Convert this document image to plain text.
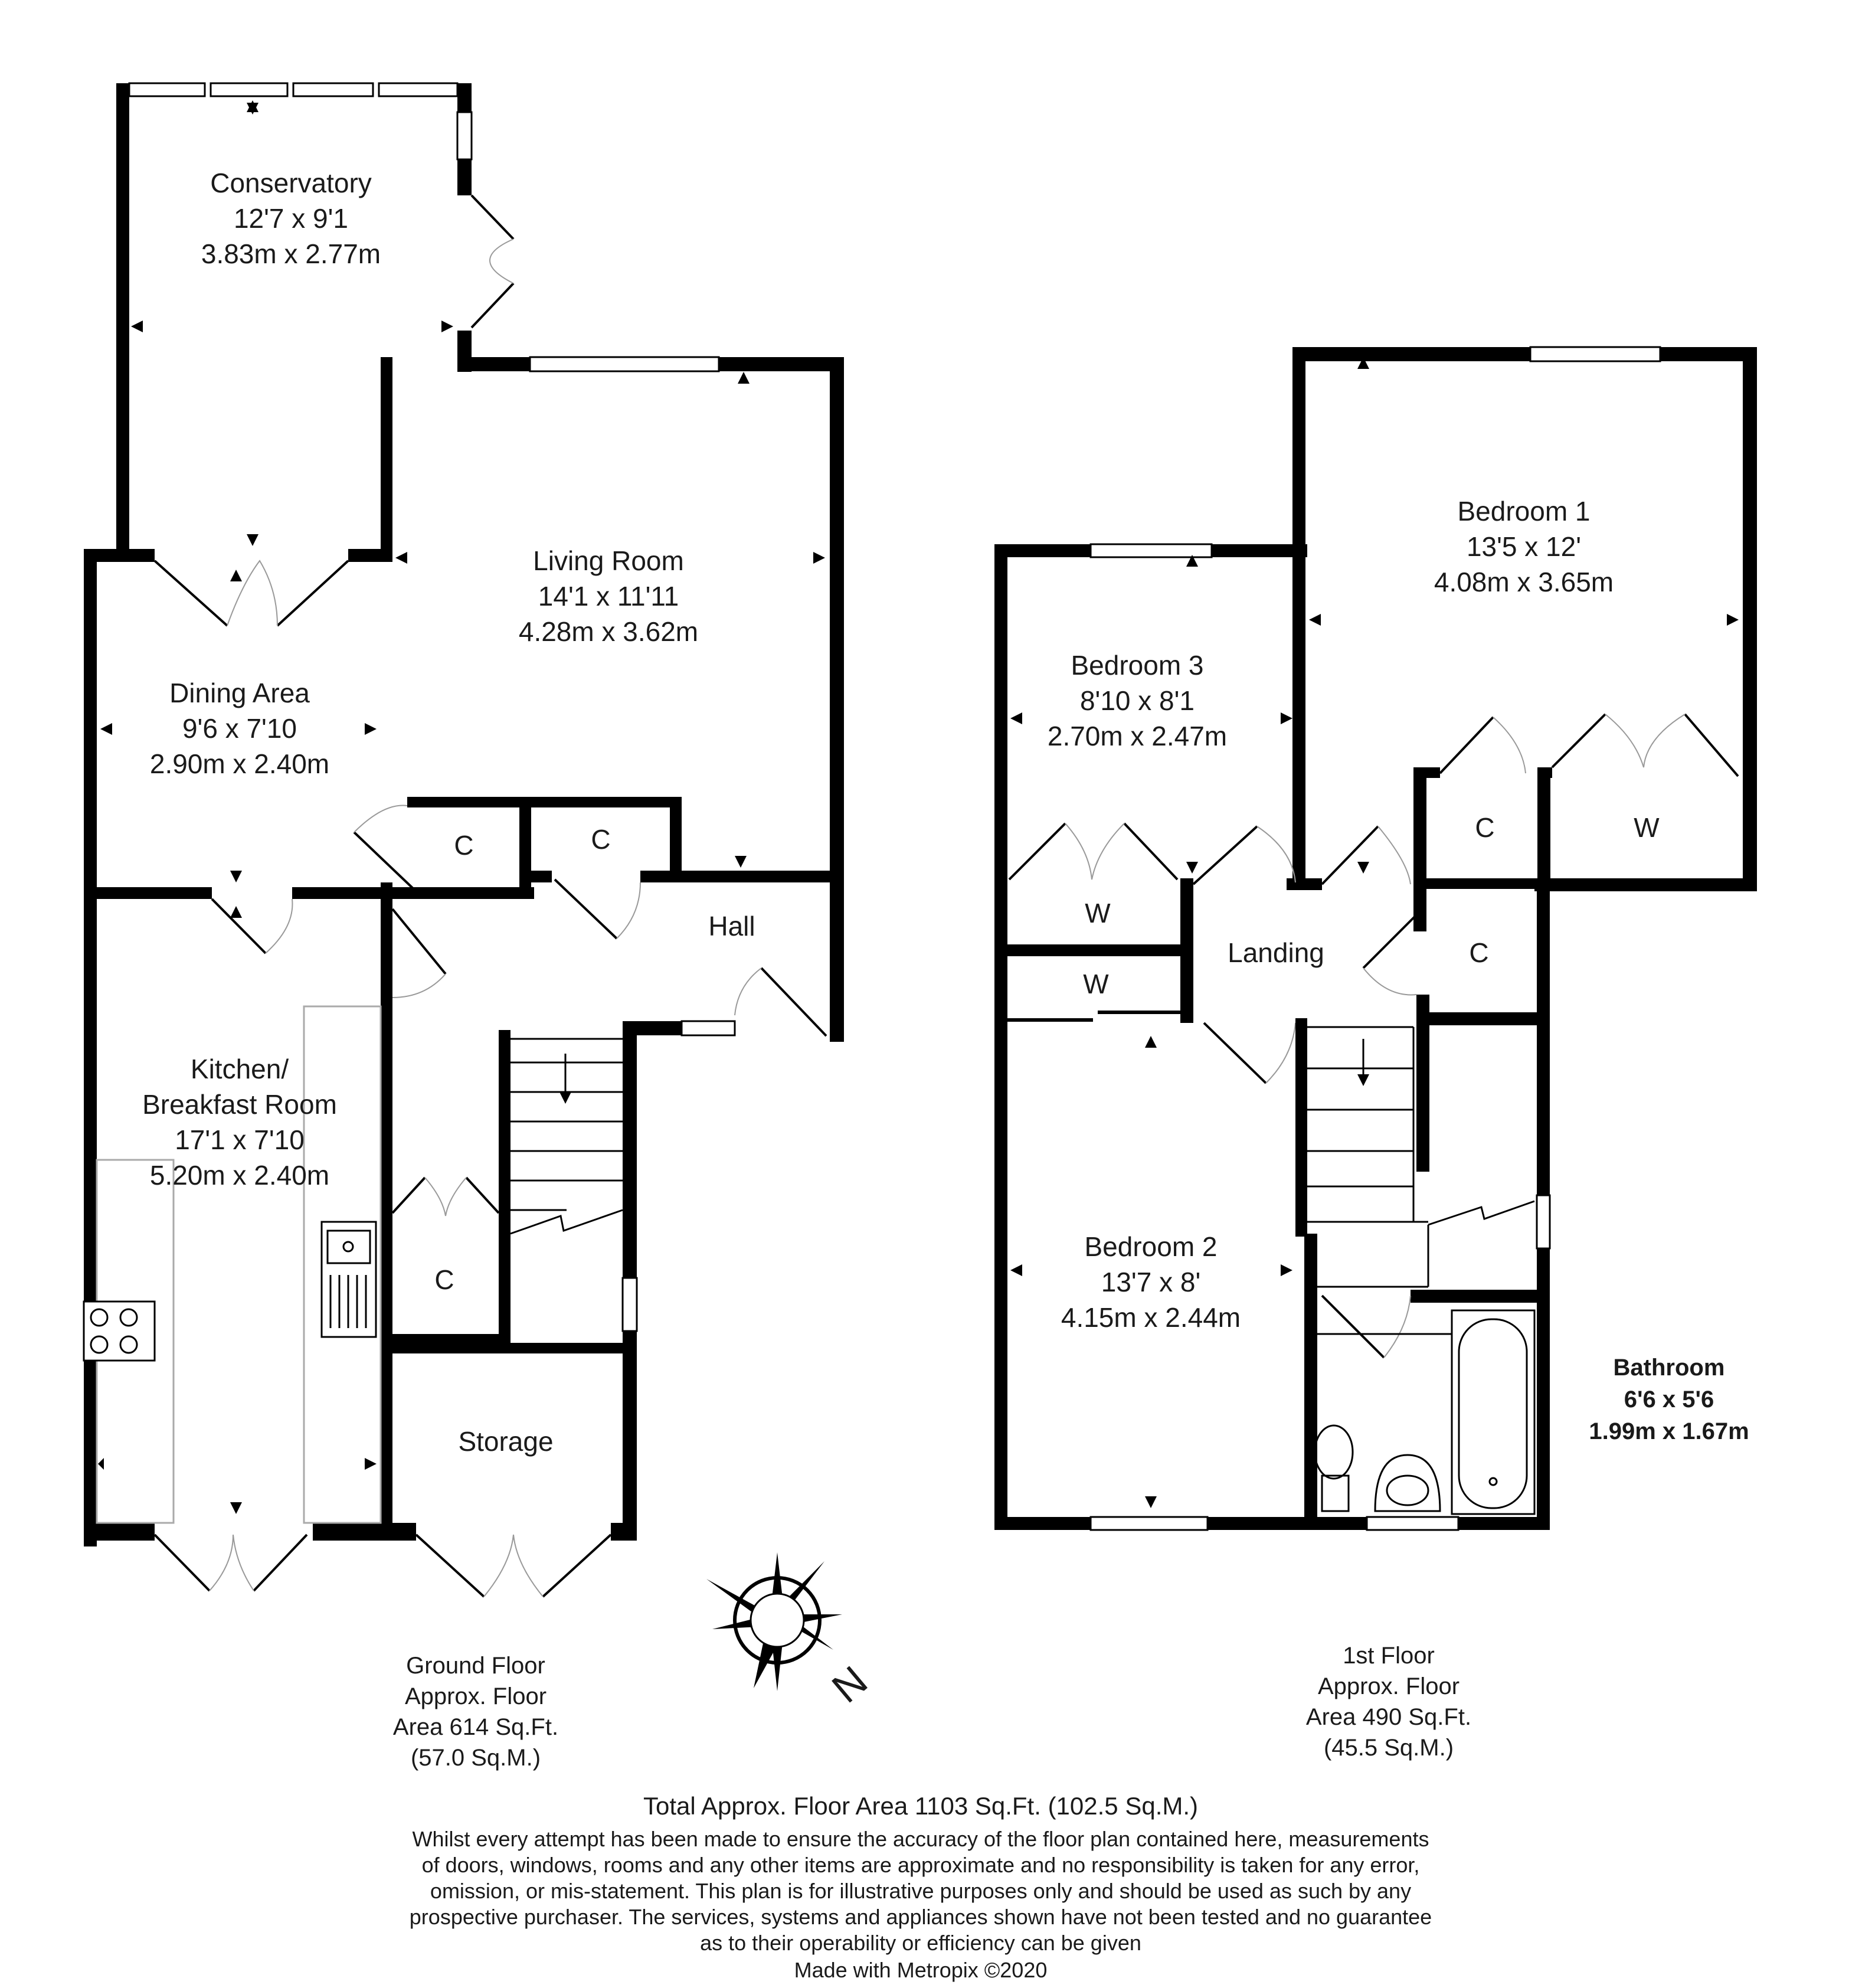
N
Conservatory
12'7 x 9'1
3.83m x 2.77m
Living Room
14'1 x 11'11
4.28m x 3.62m
Dining Area
9'6 x 7'10
2.90m x 2.40m
Kitchen/
Breakfast Room
17'1 x 7'10
5.20m x 2.40m
Hall
Storage
C	C
C
Bedroom 1
13'5 x 12'
4.08m x 3.65m
Bedroom 3
8'10 x 8'1
2.70m x 2.47m
Bedroom 2
13'7 x 8'
4.15m x 2.44m
Landing
W
W
W
C
C
Bathroom
6'6 x 5'6
1.99m x 1.67m
Ground Floor
Approx. Floor
Area 614 Sq.Ft.
(57.0 Sq.M.)
1st Floor
Approx. Floor
Area 490 Sq.Ft.
(45.5 Sq.M.)
Total Approx. Floor Area 1103 Sq.Ft. (102.5 Sq.M.)
Whilst every attempt has been made to ensure the accuracy of the floor plan contained here, measurements
of doors, windows, rooms and any other items are approximate and no responsibility is taken for any error,
omission, or mis-statement. This plan is for illustrative purposes only and should be used as such by any
prospective purchaser. The services, systems and appliances shown have not been tested and no guarantee
as to their operability or efficiency can be given
Made with Metropix ©2020
